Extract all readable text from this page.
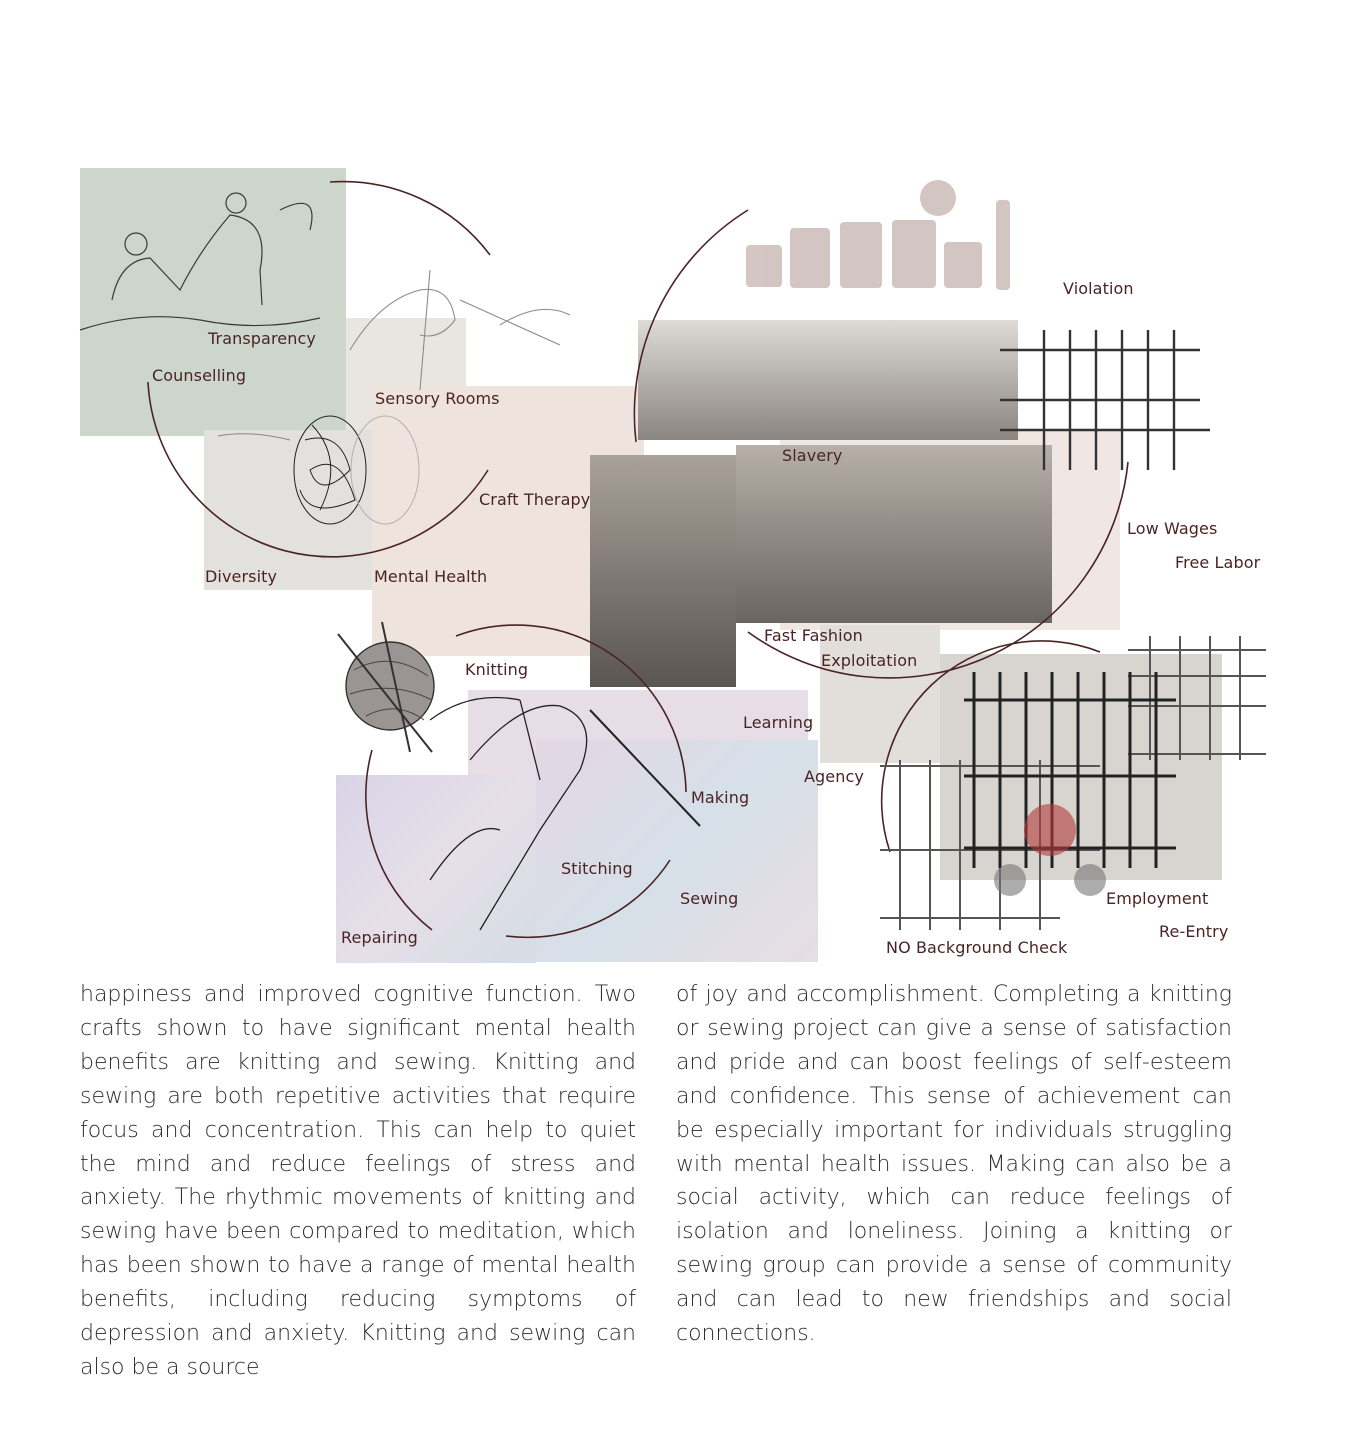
Transparency
Counselling
Sensory Rooms
Craft Therapy
Diversity	Mental Health
Violation
Slavery
Low Wages
Free Labor
Fast Fashion
Exploitation
Knitting
Learning
Agency
Making
Stitching
Sewing
Repairing
Employment
Re-Entry
NO Background Check
happiness and improved cognitive function. Two crafts shown to have significant mental health benefits are knitting and sewing. Knitting and sewing are both repetitive activities that require focus and concentration. This can help to quiet the mind and reduce feelings of stress and anxiety. The rhythmic movements of knitting and sewing have been compared to meditation, which has been shown to have a range of mental health benefits, including reducing symptoms of depression and anxiety. Knitting and sewing can also be a source
of joy and accomplishment. Completing a knitting or sewing project can give a sense of satisfaction and pride and can boost feelings of self-esteem and confidence. This sense of achievement can be especially important for individuals struggling with mental health issues. Making can also be a social activity, which can reduce feelings of isolation and loneliness. Joining a knitting or sewing group can provide a sense of community and can lead to new friendships and social connections.
